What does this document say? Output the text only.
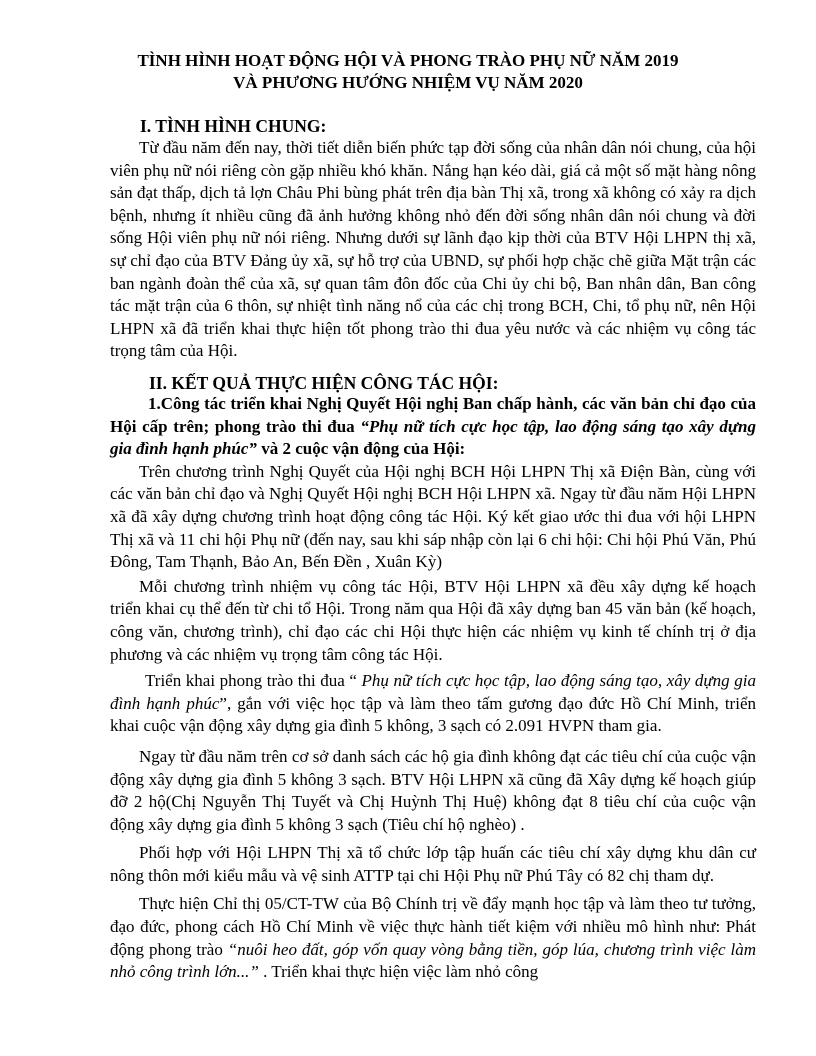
TÌNH HÌNH HOẠT ĐỘNG HỘI VÀ PHONG TRÀO PHỤ NỮ NĂM 2019
VÀ PHƯƠNG HƯỚNG NHIỆM VỤ NĂM 2020
I. TÌNH HÌNH CHUNG:

Từ đầu năm đến nay, thời tiết diễn biến phức tạp đời sống của nhân dân nói chung, của hội viên phụ nữ nói riêng còn gặp nhiều khó khăn. Nắng hạn kéo dài, giá cả một số mặt hàng nông sản đạt thấp, dịch tả lợn Châu Phi bùng phát trên địa bàn Thị xã, trong xã không có xảy ra dịch bệnh, nhưng ít nhiều cũng đã ảnh hưởng không nhỏ đến đời sống nhân dân nói chung và đời sống Hội viên phụ nữ nói riêng. Nhưng dưới sự lãnh đạo kịp thời của BTV Hội LHPN thị xã, sự chỉ đạo của BTV Đảng ủy xã, sự hỗ trợ của UBND, sự phối hợp chặc chẽ giữa Mặt trận các ban ngành đoàn thể của xã, sự quan tâm đôn đốc của Chi ủy chi bộ, Ban nhân dân, Ban công tác mặt trận của 6 thôn, sự nhiệt tình năng nổ của các chị trong BCH, Chi, tổ phụ nữ, nên Hội LHPN xã đã triển khai thực hiện tốt phong trào thi đua yêu nước và các nhiệm vụ công tác trọng tâm của Hội.

II. KẾT QUẢ THỰC HIỆN CÔNG TÁC HỘI:

1.Công tác triển khai Nghị Quyết Hội nghị Ban chấp hành, các văn bản chỉ đạo của Hội cấp trên; phong trào thi đua “Phụ nữ tích cực học tập, lao động sáng tạo xây dựng gia đình hạnh phúc” và 2 cuộc vận động của Hội:

Trên chương trình Nghị Quyết của Hội nghị BCH Hội LHPN Thị xã Điện Bàn, cùng với các văn bản chỉ đạo và Nghị Quyết Hội nghị BCH Hội LHPN xã. Ngay từ đầu năm Hội LHPN xã đã xây dựng chương trình hoạt động công tác Hội. Ký kết giao ước thi đua với hội LHPN Thị xã và 11 chi hội Phụ nữ (đến nay, sau khi sáp nhập còn lại 6 chi hội: Chi hội Phú Văn, Phú Đông, Tam Thạnh, Bảo An, Bến Đền , Xuân Kỳ)

Mỗi chương trình nhiệm vụ công tác Hội, BTV Hội LHPN xã đều xây dựng kế hoạch triển khai cụ thể đến từ chi tổ Hội. Trong năm qua Hội đã xây dựng ban 45 văn bản (kế hoạch, công văn, chương trình), chỉ đạo các chi Hội thực hiện các nhiệm vụ kinh tế chính trị ở địa phương và các nhiệm vụ trọng tâm công tác Hội.

Triển khai phong trào thi đua “ Phụ nữ tích cực học tập, lao động sáng tạo, xây dựng gia đình hạnh phúc”, gắn với việc học tập và làm theo tấm gương đạo đức Hồ Chí Minh, triển khai cuộc vận động xây dựng gia đình 5 không, 3 sạch có 2.091 HVPN tham gia.

Ngay từ đầu năm trên cơ sở danh sách các hộ gia đình không đạt các tiêu chí của cuộc vận động xây dựng gia đình 5 không 3 sạch. BTV Hội LHPN xã cũng đã Xây dựng kế hoạch giúp đỡ 2 hộ(Chị Nguyễn Thị Tuyết và Chị Huỳnh Thị Huệ) không đạt 8 tiêu chí của cuộc vận động xây dựng gia đình 5 không 3 sạch (Tiêu chí hộ nghèo) .

Phối hợp với Hội LHPN Thị xã tổ chức lớp tập huấn các tiêu chí xây dựng khu dân cư nông thôn mới kiểu mẫu và vệ sinh ATTP tại chi Hội Phụ nữ Phú Tây có 82 chị tham dự.

Thực hiện Chỉ thị 05/CT-TW của Bộ Chính trị về đẩy mạnh học tập và làm theo tư tưởng, đạo đức, phong cách Hồ Chí Minh về việc thực hành tiết kiệm với nhiều mô hình như: Phát động phong trào “nuôi heo đất, góp vốn quay vòng bằng tiền, góp lúa, chương trình việc làm nhỏ công trình lớn...” . Triển khai thực hiện việc làm nhỏ công
